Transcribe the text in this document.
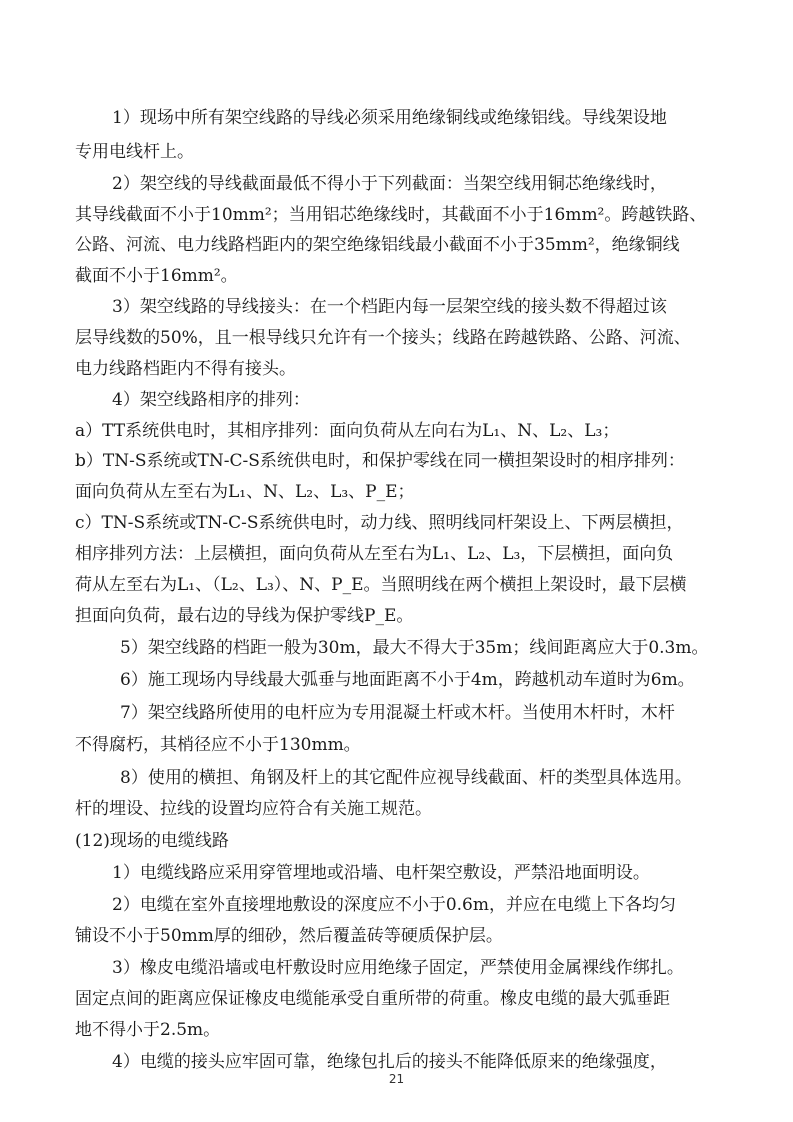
1）现场中所有架空线路的导线必须采用绝缘铜线或绝缘铝线。导线架设地
专用电线杆上。
2）架空线的导线截面最低不得小于下列截面：当架空线用铜芯绝缘线时，
其导线截面不小于10mm²；当用铝芯绝缘线时，其截面不小于16mm²。跨越铁路、
公路、河流、电力线路档距内的架空绝缘铝线最小截面不小于35mm²，绝缘铜线
截面不小于16mm²。
3）架空线路的导线接头：在一个档距内每一层架空线的接头数不得超过该
层导线数的50%，且一根导线只允许有一个接头；线路在跨越铁路、公路、河流、
电力线路档距内不得有接头。
4）架空线路相序的排列：
a）TT系统供电时，其相序排列：面向负荷从左向右为L₁、N、L₂、L₃；
b）TN-S系统或TN-C-S系统供电时，和保护零线在同一横担架设时的相序排列：
面向负荷从左至右为L₁、N、L₂、L₃、P_E；
c）TN-S系统或TN-C-S系统供电时，动力线、照明线同杆架设上、下两层横担，
相序排列方法：上层横担，面向负荷从左至右为L₁、L₂、L₃，下层横担，面向负
荷从左至右为L₁、（L₂、L₃）、N、P_E。当照明线在两个横担上架设时，最下层横
担面向负荷，最右边的导线为保护零线P_E。
5）架空线路的档距一般为30m，最大不得大于35m；线间距离应大于0.3m。
6）施工现场内导线最大弧垂与地面距离不小于4m，跨越机动车道时为6m。
7）架空线路所使用的电杆应为专用混凝土杆或木杆。当使用木杆时，木杆
不得腐朽，其梢径应不小于130mm。
8）使用的横担、角钢及杆上的其它配件应视导线截面、杆的类型具体选用。
杆的埋设、拉线的设置均应符合有关施工规范。
(12)现场的电缆线路
1）电缆线路应采用穿管埋地或沿墙、电杆架空敷设，严禁沿地面明设。
2）电缆在室外直接埋地敷设的深度应不小于0.6m，并应在电缆上下各均匀
铺设不小于50mm厚的细砂，然后覆盖砖等硬质保护层。
3）橡皮电缆沿墙或电杆敷设时应用绝缘子固定，严禁使用金属裸线作绑扎。
固定点间的距离应保证橡皮电缆能承受自重所带的荷重。橡皮电缆的最大弧垂距
地不得小于2.5m。
4）电缆的接头应牢固可靠，绝缘包扎后的接头不能降低原来的绝缘强度，
21
